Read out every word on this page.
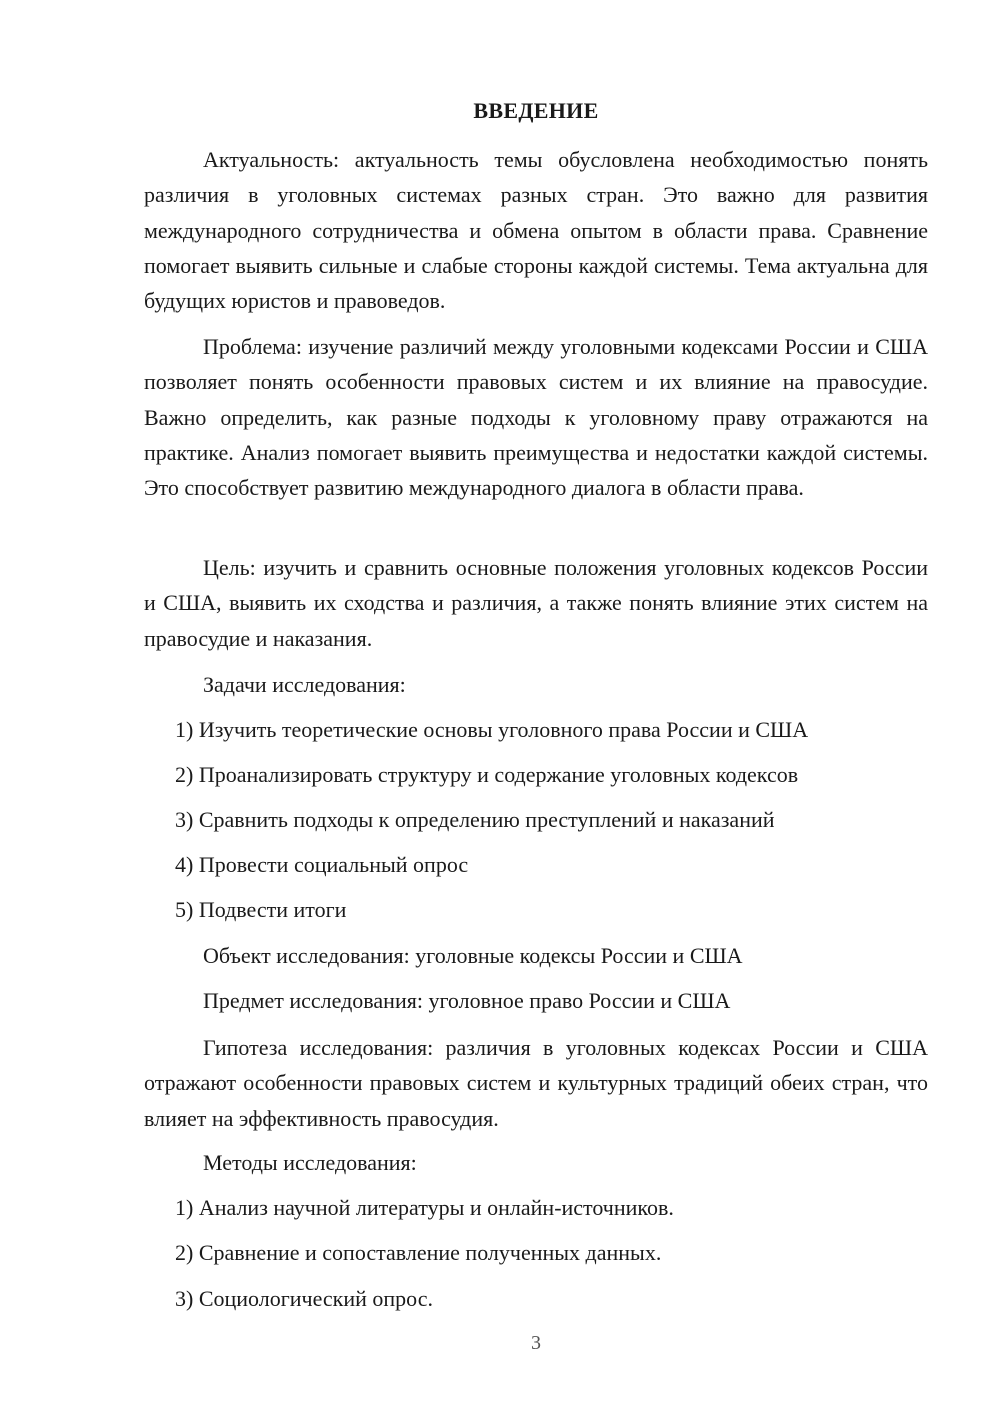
ВВЕДЕНИЕ

Актуальность: актуальность темы обусловлена необходимостью понять различия в уголовных системах разных стран. Это важно для развития международного сотрудничества и обмена опытом в области права. Сравнение помогает выявить сильные и слабые стороны каждой системы. Тема актуальна для будущих юристов и правоведов.

Проблема: изучение различий между уголовными кодексами России и США позволяет понять особенности правовых систем и их влияние на правосудие. Важно определить, как разные подходы к уголовному праву отражаются на практике. Анализ помогает выявить преимущества и недостатки каждой системы. Это способствует развитию международного диалога в области права.

Цель: изучить и сравнить основные положения уголовных кодексов России и США, выявить их сходства и различия, а также понять влияние этих систем на правосудие и наказания.

Задачи исследования:

1) Изучить теоретические основы уголовного права России и США

2) Проанализировать структуру и содержание уголовных кодексов

3) Сравнить подходы к определению преступлений и наказаний

4) Провести социальный опрос

5) Подвести итоги

Объект исследования: уголовные кодексы России и США

Предмет исследования: уголовное право России и США

Гипотеза исследования: различия в уголовных кодексах России и США отражают особенности правовых систем и культурных традиций обеих стран, что влияет на эффективность правосудия.

Методы исследования:

1) Анализ научной литературы и онлайн-источников.

2) Сравнение и сопоставление полученных данных.

3) Социологический опрос.

3
